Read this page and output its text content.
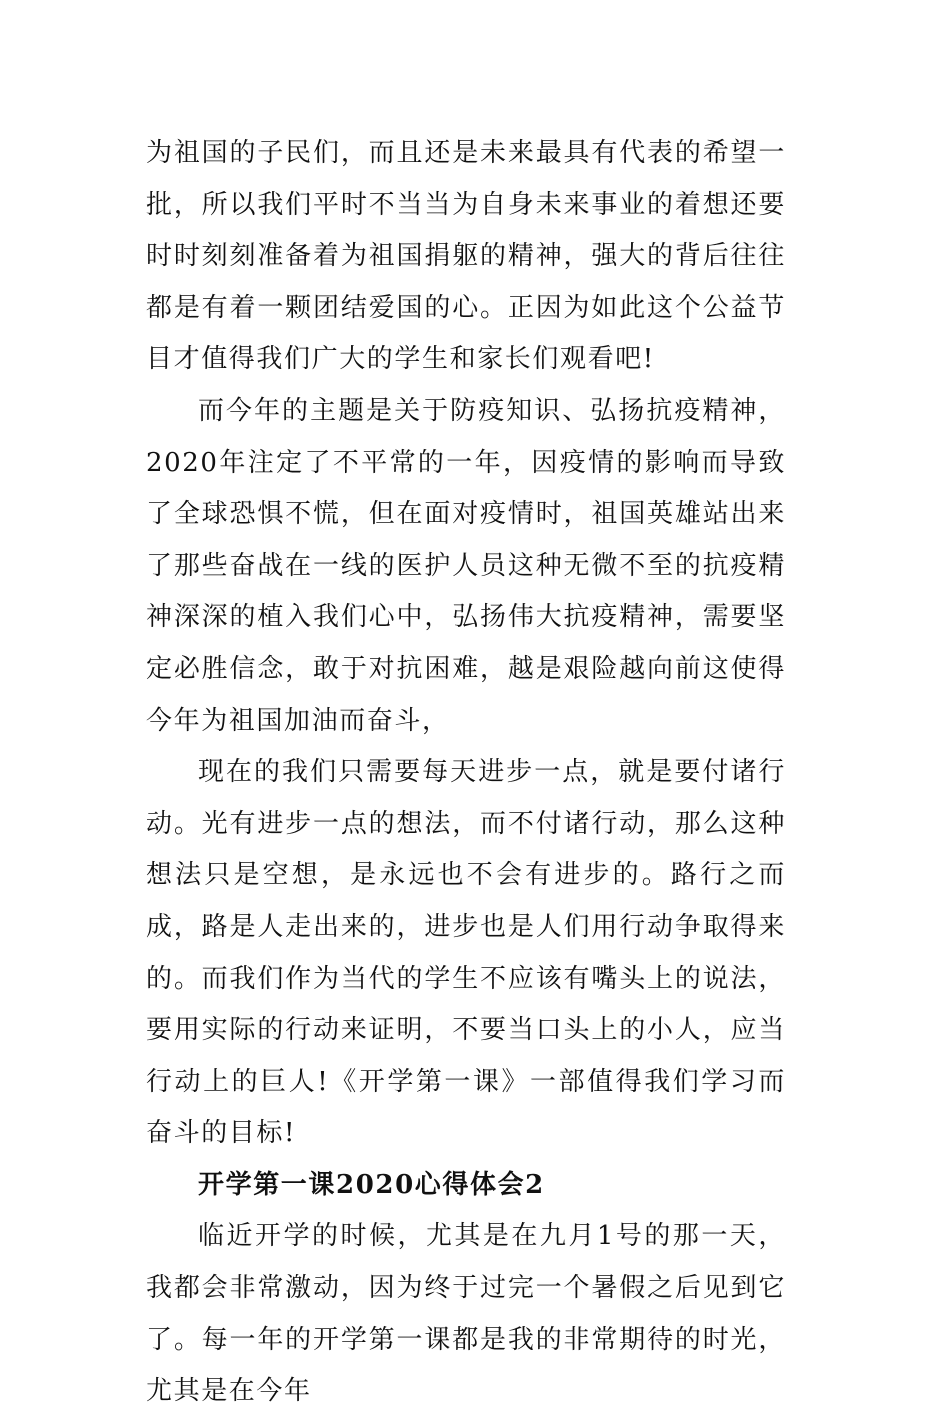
为祖国的子民们，而且还是未来最具有代表的希望一批，所以我们平时不当当为自身未来事业的着想还要时时刻刻准备着为祖国捐躯的精神，强大的背后往往都是有着一颗团结爱国的心。正因为如此这个公益节目才值得我们广大的学生和家长们观看吧!

而今年的主题是关于防疫知识、弘扬抗疫精神，2020年注定了不平常的一年，因疫情的影响而导致了全球恐惧不慌，但在面对疫情时，祖国英雄站出来了那些奋战在一线的医护人员这种无微不至的抗疫精神深深的植入我们心中，弘扬伟大抗疫精神，需要坚定必胜信念，敢于对抗困难，越是艰险越向前这使得今年为祖国加油而奋斗，

现在的我们只需要每天进步一点，就是要付诸行动。光有进步一点的想法，而不付诸行动，那么这种想法只是空想，是永远也不会有进步的。路行之而成，路是人走出来的，进步也是人们用行动争取得来的。而我们作为当代的学生不应该有嘴头上的说法，要用实际的行动来证明，不要当口头上的小人，应当行动上的巨人!《开学第一课》一部值得我们学习而奋斗的目标!

开学第一课2020心得体会2

临近开学的时候，尤其是在九月1号的那一天，我都会非常激动，因为终于过完一个暑假之后见到它了。每一年的开学第一课都是我的非常期待的时光，尤其是在今年
